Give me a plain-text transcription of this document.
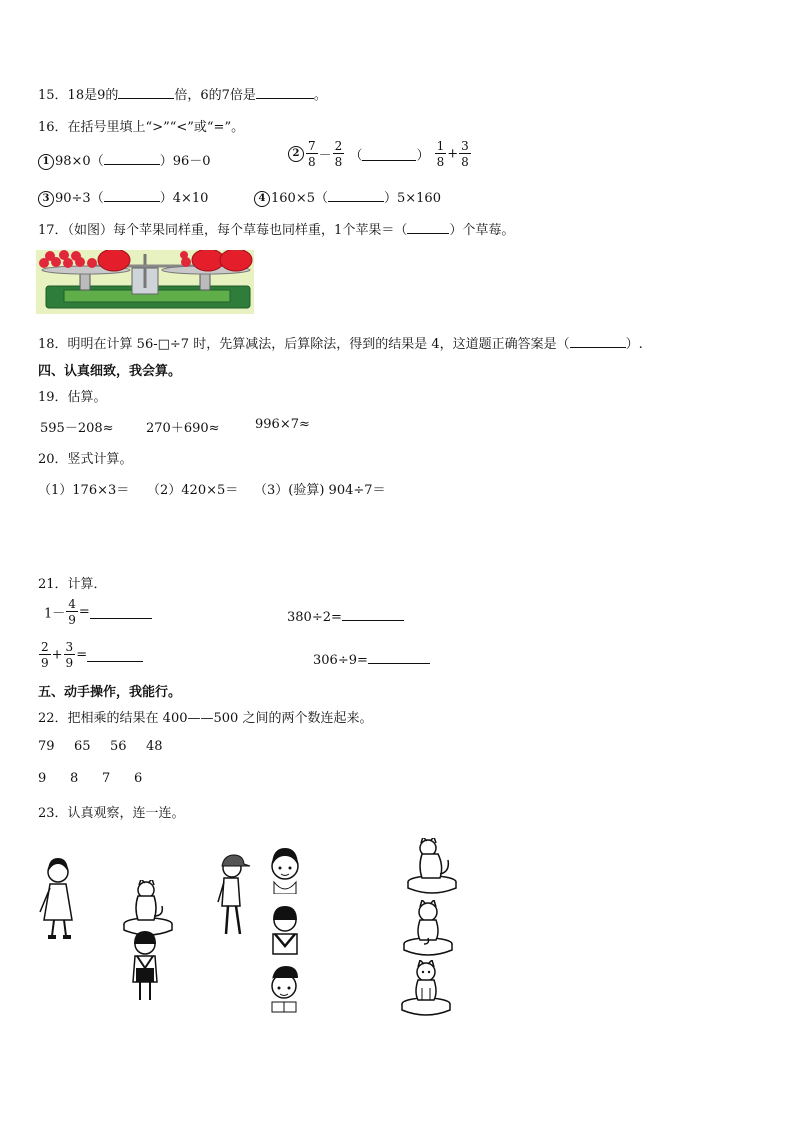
15．18是9的	倍，6的7倍是	。
16．在括号里填上“>”“<”或“=”。
1 98×0（	）96－0
$2 \frac{7}{8} - \frac{2}{8}$ （	） $\frac{1}{8} + \frac{3}{8}$
3 90÷3（	）4×10	4 160×5（	）5×160
17．（如图）每个苹果同样重，每个草莓也同样重，1个苹果＝（	）个草莓。
18．明明在计算 56-□÷7 时，先算减法，后算除法，得到的结果是 4，这道题正确答案是（	）.
四、认真细致，我会算。
19．估算。
595－208≈ 270＋690≈	996×7≈
20．竖式计算。
（1）176×3＝ （2）420×5＝ （3）(验算) 904÷7＝
21．计算．
$1- \frac{4}{9}$ =	380÷2=
$\frac{2}{9} + \frac{3}{9}$ =	306÷9=
五、动手操作，我能行。
22．把相乘的结果在 400——500 之间的两个数连起来。
79 65 56 48
9 8 7 6
23．认真观察，连一连。
